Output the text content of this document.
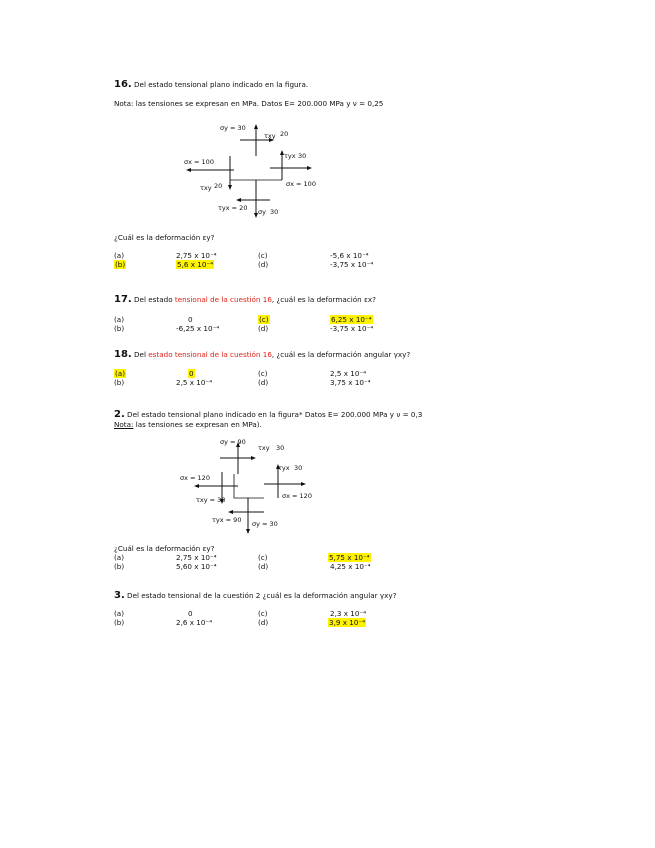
16. Del estado tensional plano indicado en la figura.
Nota: las tensiones se expresan en MPa. Datos E= 200.000 MPa y ν = 0,25
σy = 30
τxy 20
τyx 30
σx = 100
τxy 20	σx = 100
τyx = 20 σy 30
¿Cuál es la deformación εy?
(a)	2,75 x 10⁻⁴	(c)	-5,6 x 10⁻⁴
(b)	5,6 x 10⁻⁴	(d)	-3,75 x 10⁻⁴
17. Del estado tensional de la cuestión 16, ¿cuál es la deformación εx?
(a)	0	(c)	6,25 x 10⁻⁴
(b)	-6,25 x 10⁻⁴	(d)	-3,75 x 10⁻⁴
18. Del estado tensional de la cuestión 16, ¿cuál es la deformación angular γxy?
(a)	0	(c)	2,5 x 10⁻⁴
(b)	2,5 x 10⁻⁴	(d)	3,75 x 10⁻⁴
2. Del estado tensional plano indicado en la figura* Datos E= 200.000 MPa y ν = 0,3
Nota: las tensiones se expresan en MPa).
σy = 90
τxy 30
τyx 30
σx = 120
τxy = 30	σx = 120
τyx = 90 σy = 30
¿Cuál es la deformación εy?
(a)	2,75 x 10⁻⁴	(c)	5,75 x 10⁻⁴
(b)	5,60 x 10⁻⁴	(d)	4,25 x 10⁻⁴
3. Del estado tensional de la cuestión 2 ¿cuál es la deformación angular γxy?
(a)	0	(c)	2,3 x 10⁻⁴
(b)	2,6 x 10⁻⁴	(d)	3,9 x 10⁻⁴
